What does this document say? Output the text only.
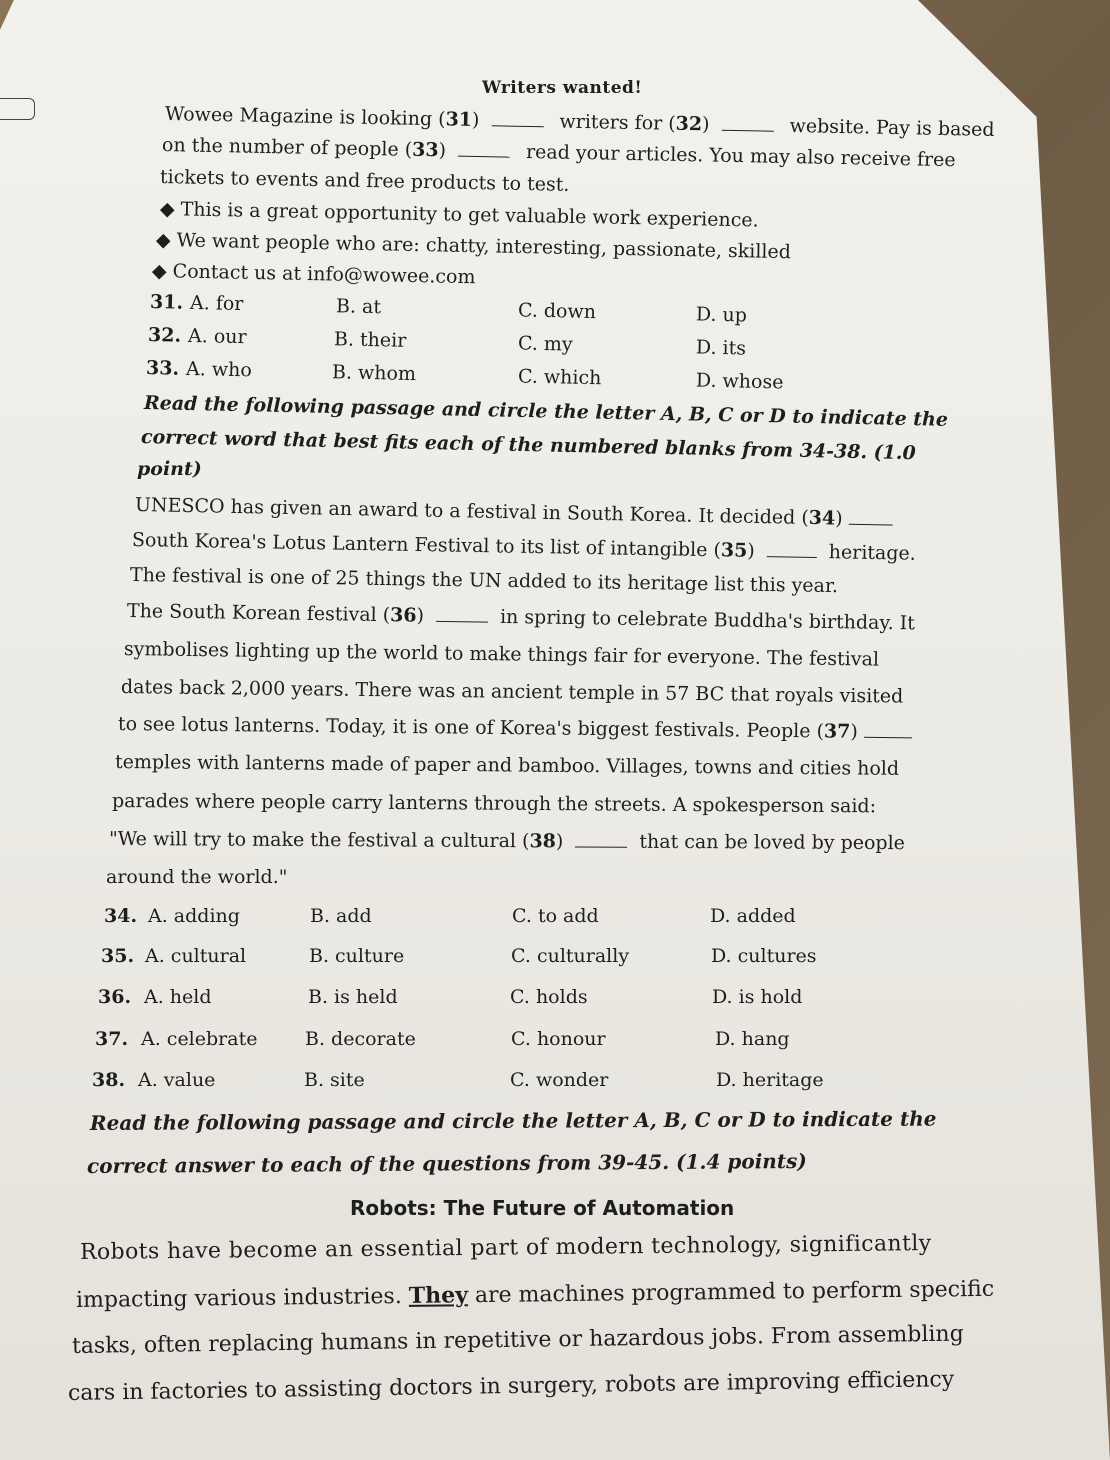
Writers wanted!
Wowee Magazine is looking (31)	writers for (32)	website. Pay is based
on the number of people (33)	read your articles. You may also receive free
tickets to events and free products to test.
◆ This is a great opportunity to get valuable work experience.
◆ We want people who are: chatty, interesting, passionate, skilled
◆ Contact us at info@wowee.com
31. A. for	B. at	C. down	D. up
32. A. our	B. their	C. my	D. its
33. A. who	B. whom	C. which	D. whose
Read the following passage and circle the letter A, B, C or D to indicate the
correct word that best fits each of the numbered blanks from 34-38. (1.0
point)
UNESCO has given an award to a festival in South Korea. It decided (34)
South Korea's Lotus Lantern Festival to its list of intangible (35)	heritage.
The festival is one of 25 things the UN added to its heritage list this year.
The South Korean festival (36)	in spring to celebrate Buddha's birthday. It
symbolises lighting up the world to make things fair for everyone. The festival
dates back 2,000 years. There was an ancient temple in 57 BC that royals visited
to see lotus lanterns. Today, it is one of Korea's biggest festivals. People (37)
temples with lanterns made of paper and bamboo. Villages, towns and cities hold
parades where people carry lanterns through the streets. A spokesperson said:
"We will try to make the festival a cultural (38)	that can be loved by people
around the world."
34. A. adding	B. add	C. to add	D. added
35. A. cultural	B. culture	C. culturally	D. cultures
36. A. held	B. is held	C. holds	D. is hold
37. A. celebrate	B. decorate	C. honour	D. hang
38. A. value	B. site	C. wonder	D. heritage
Read the following passage and circle the letter A, B, C or D to indicate the
correct answer to each of the questions from 39-45. (1.4 points)
Robots: The Future of Automation
Robots have become an essential part of modern technology, significantly
impacting various industries. They are machines programmed to perform specific
tasks, often replacing humans in repetitive or hazardous jobs. From assembling
cars in factories to assisting doctors in surgery, robots are improving efficiency
